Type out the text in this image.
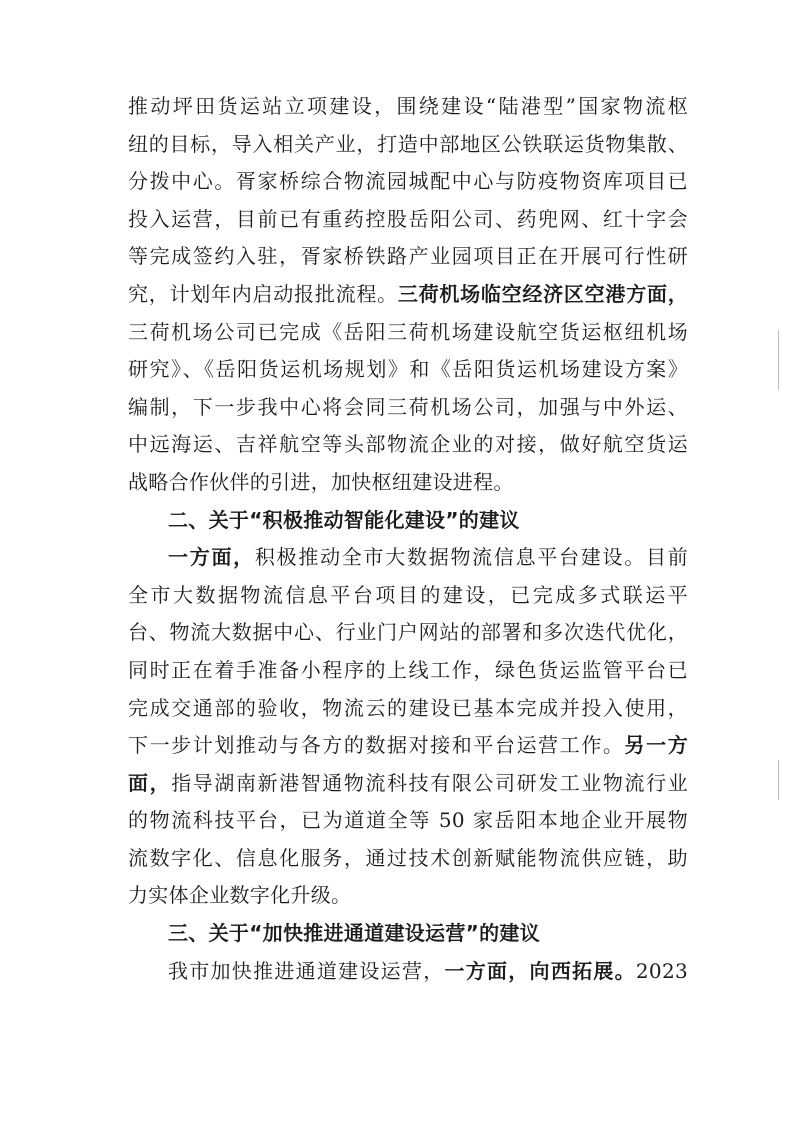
推动坪田货运站立项建设，围绕建设“陆港型”国家物流枢
纽的目标，导入相关产业，打造中部地区公铁联运货物集散、
分拨中心。胥家桥综合物流园城配中心与防疫物资库项目已
投入运营，目前已有重药控股岳阳公司、药兜网、红十字会
等完成签约入驻，胥家桥铁路产业园项目正在开展可行性研
究，计划年内启动报批流程。三荷机场临空经济区空港方面，
三荷机场公司已完成《岳阳三荷机场建设航空货运枢纽机场
研究》、《岳阳货运机场规划》和《岳阳货运机场建设方案》
编制，下一步我中心将会同三荷机场公司，加强与中外运、
中远海运、吉祥航空等头部物流企业的对接，做好航空货运
战略合作伙伴的引进，加快枢纽建设进程。
二、关于“积极推动智能化建设”的建议
一方面，积极推动全市大数据物流信息平台建设。目前
全市大数据物流信息平台项目的建设，已完成多式联运平
台、物流大数据中心、行业门户网站的部署和多次迭代优化，
同时正在着手准备小程序的上线工作，绿色货运监管平台已
完成交通部的验收，物流云的建设已基本完成并投入使用，
下一步计划推动与各方的数据对接和平台运营工作。另一方
面，指导湖南新港智通物流科技有限公司研发工业物流行业
的物流科技平台，已为道道全等 50 家岳阳本地企业开展物
流数字化、信息化服务，通过技术创新赋能物流供应链，助
力实体企业数字化升级。
三、关于“加快推进通道建设运营”的建议
我市加快推进通道建设运营，一方面，向西拓展。2023
